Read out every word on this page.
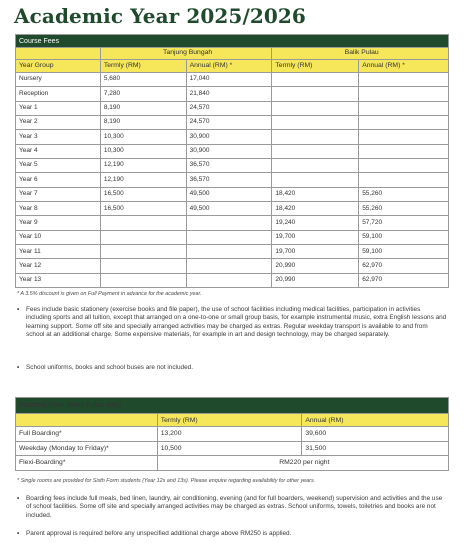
Academic Year 2025/2026
Course Fees				
	Tanjung Bungah		Balik Pulau	
Year Group	Termly (RM)	Annual (RM) *	Termly (RM)	Annual (RM) *
Nursery	5,680	17,040		
Reception	7,280	21,840		
Year 1	8,190	24,570		
Year 2	8,190	24,570		
Year 3	10,300	30,900		
Year 4	10,300	30,900		
Year 5	12,190	36,570		
Year 6	12,190	36,570		
Year 7	16,500	49,500	18,420	55,260
Year 8	16,500	49,500	18,420	55,260
Year 9			19,240	57,720
Year 10			19,700	59,100
Year 11			19,700	59,100
Year 12			20,990	62,970
Year 13			20,990	62,970

* A 3.5% discount is given on Full Payment in advance for the academic year.

•	Fees include basic stationery (exercise books and file paper), the use of school facilities including medical facilities, participation in activities including sports and all tuition, except that arranged on a one-to-one or small group basis, for example instrumental music, extra English lessons and learning support. Some off site and specially arranged activities may be charged as extras. Regular weekday transport is available to and from school at an additional charge. Some expensive materials, for example in art and design technology, may be charged separately.
•	School uniforms, books and school buses are not included.
Boarding Fees (Balik Pulau only)		
	Termly (RM)	Annual (RM)
Full Boarding*	13,200	39,600
Weekday (Monday to Friday)*	10,500	31,500
Flexi-Boarding*	RM220 per night	

* Single rooms are provided for Sixth Form students (Year 12s and 13s). Please enquire regarding availability for other years.

•	Boarding fees include full meals, bed linen, laundry, air conditioning, evening (and for full boarders, weekend) supervision and activities and the use of school facilities. Some off site and specially arranged activities may be charged as extras. School uniforms, towels, toiletries and books are not included.
•	Parent approval is required before any unspecified additional charge above RM250 is applied.
